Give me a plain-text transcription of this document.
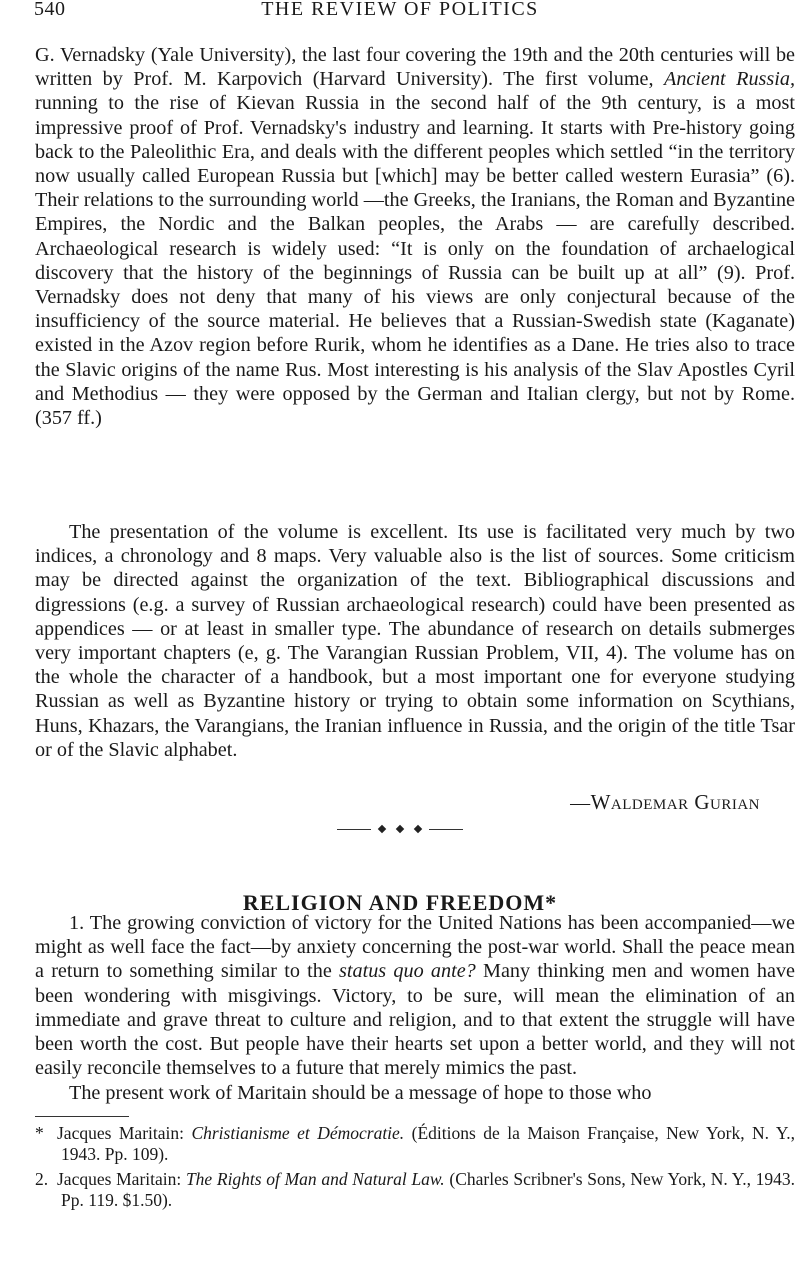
540	THE REVIEW OF POLITICS

G. Vernadsky (Yale University), the last four covering the 19th and the 20th centuries will be written by Prof. M. Karpovich (Harvard University). The first volume, Ancient Russia, running to the rise of Kievan Russia in the second half of the 9th century, is a most impressive proof of Prof. Vernadsky's industry and learning. It starts with Pre-history going back to the Paleolithic Era, and deals with the different peoples which settled “in the territory now usually called European Russia but [which] may be better called western Eurasia” (6). Their relations to the surrounding world —the Greeks, the Iranians, the Roman and Byzantine Empires, the Nordic and the Balkan peoples, the Arabs — are carefully described. Archaeological research is widely used: “It is only on the foundation of archaelogical discovery that the history of the beginnings of Russia can be built up at all” (9). Prof. Vernadsky does not deny that many of his views are only conjectural because of the insufficiency of the source material. He believes that a Russian-Swedish state (Kaganate) existed in the Azov region before Rurik, whom he identifies as a Dane. He tries also to trace the Slavic origins of the name Rus. Most interesting is his analysis of the Slav Apostles Cyril and Methodius — they were opposed by the German and Italian clergy, but not by Rome. (357 ff.)

The presentation of the volume is excellent. Its use is facilitated very much by two indices, a chronology and 8 maps. Very valuable also is the list of sources. Some criticism may be directed against the organization of the text. Bibliographical discussions and digressions (e.g. a survey of Russian archaeological research) could have been presented as appendices — or at least in smaller type. The abundance of research on details submerges very important chapters (e, g. The Varangian Russian Problem, VII, 4). The volume has on the whole the character of a handbook, but a most important one for everyone studying Russian as well as Byzantine history or trying to obtain some information on Scythians, Huns, Khazars, the Varangians, the Iranian influence in Russia, and the origin of the title Tsar or of the Slavic alphabet.

—Waldemar Gurian

RELIGION AND FREEDOM*

1. The growing conviction of victory for the United Nations has been accompanied—we might as well face the fact—by anxiety concerning the post-war world. Shall the peace mean a return to something similar to the status quo ante? Many thinking men and women have been wondering with misgivings. Victory, to be sure, will mean the elimination of an immediate and grave threat to culture and religion, and to that extent the struggle will have been worth the cost. But people have their hearts set upon a better world, and they will not easily reconcile themselves to a future that merely mimics the past.

The present work of Maritain should be a message of hope to those who

* Jacques Maritain: Christianisme et Démocratie. (Éditions de la Maison Française, New York, N. Y., 1943. Pp. 109).

2. Jacques Maritain: The Rights of Man and Natural Law. (Charles Scribner's Sons, New York, N. Y., 1943. Pp. 119. $1.50).
